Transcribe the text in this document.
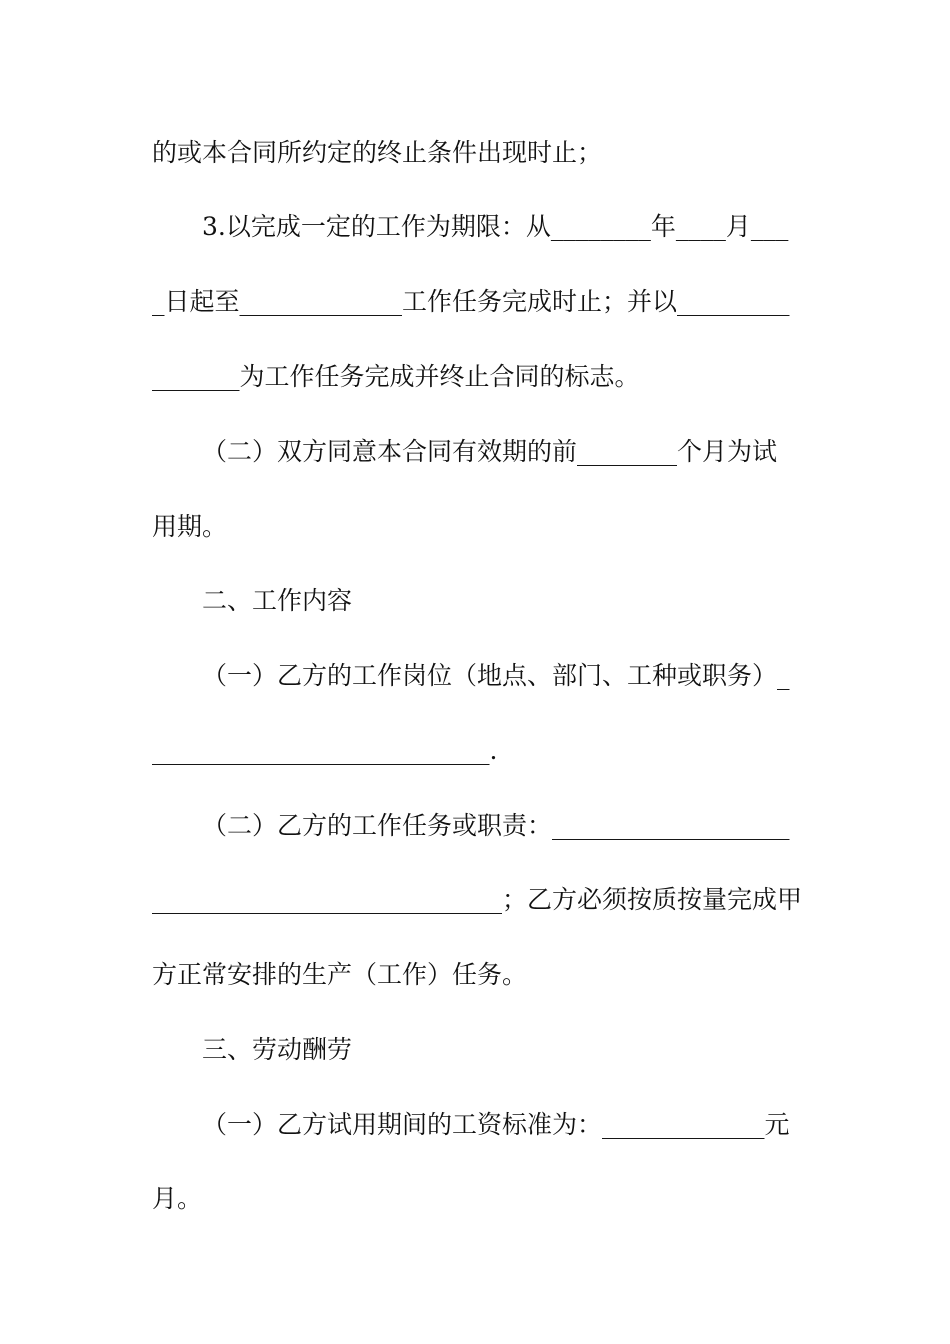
的或本合同所约定的终止条件出现时止；
3.以完成一定的工作为期限：从________年____月___
_日起至_____________工作任务完成时止；并以_________
_______为工作任务完成并终止合同的标志。
（二）双方同意本合同有效期的前________个月为试
用期。
二、工作内容
（一）乙方的工作岗位（地点、部门、工种或职务）_
___________________________.
（二）乙方的工作任务或职责：___________________
____________________________；乙方必须按质按量完成甲
方正常安排的生产（工作）任务。
三、劳动酬劳
（一）乙方试用期间的工资标准为：_____________元
月。
